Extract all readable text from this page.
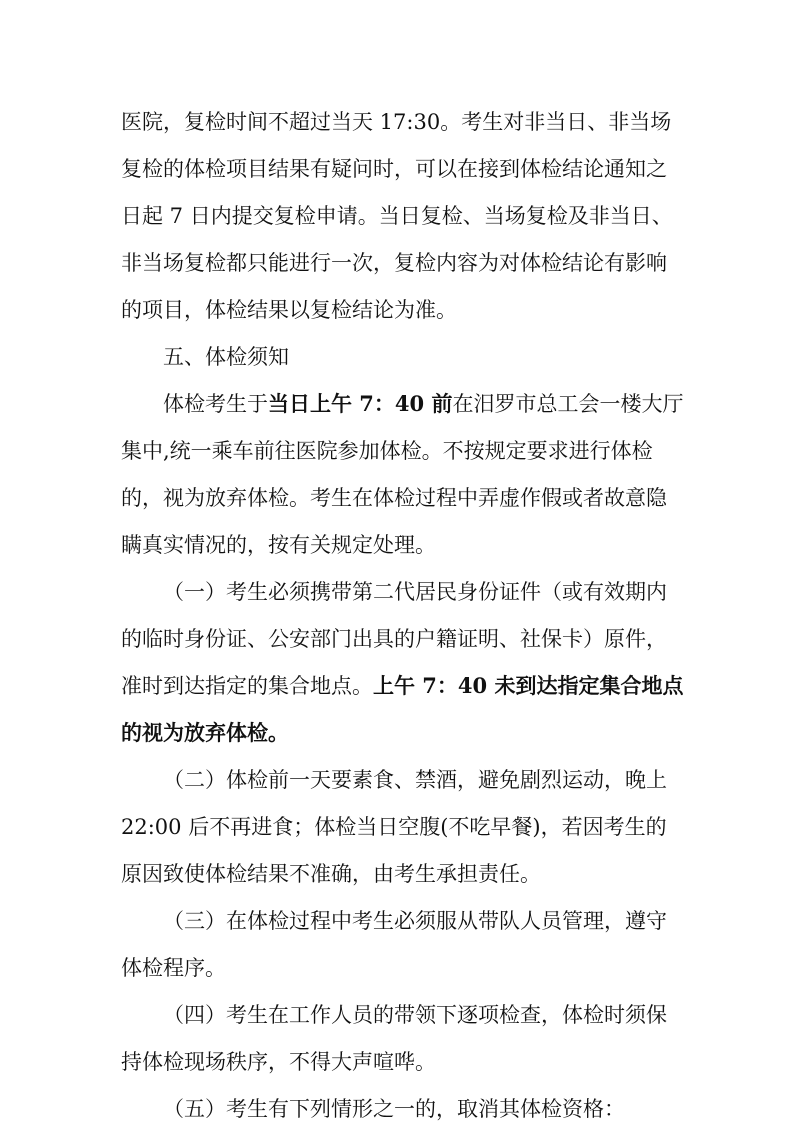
医院，复检时间不超过当天 17:30。考生对非当日、非当场
复检的体检项目结果有疑问时，可以在接到体检结论通知之
日起 7 日内提交复检申请。当日复检、当场复检及非当日、
非当场复检都只能进行一次，复检内容为对体检结论有影响
的项目，体检结果以复检结论为准。
五、体检须知
体检考生于当日上午 7：40 前在汨罗市总工会一楼大厅
集中,统一乘车前往医院参加体检。不按规定要求进行体检
的，视为放弃体检。考生在体检过程中弄虚作假或者故意隐
瞒真实情况的，按有关规定处理。
（一）考生必须携带第二代居民身份证件（或有效期内
的临时身份证、公安部门出具的户籍证明、社保卡）原件，
准时到达指定的集合地点。上午 7：40 未到达指定集合地点
的视为放弃体检。
（二）体检前一天要素食、禁酒，避免剧烈运动，晚上
22:00 后不再进食；体检当日空腹(不吃早餐)，若因考生的
原因致使体检结果不准确，由考生承担责任。
（三）在体检过程中考生必须服从带队人员管理，遵守
体检程序。
（四）考生在工作人员的带领下逐项检查，体检时须保
持体检现场秩序，不得大声喧哗。
（五）考生有下列情形之一的，取消其体检资格：
